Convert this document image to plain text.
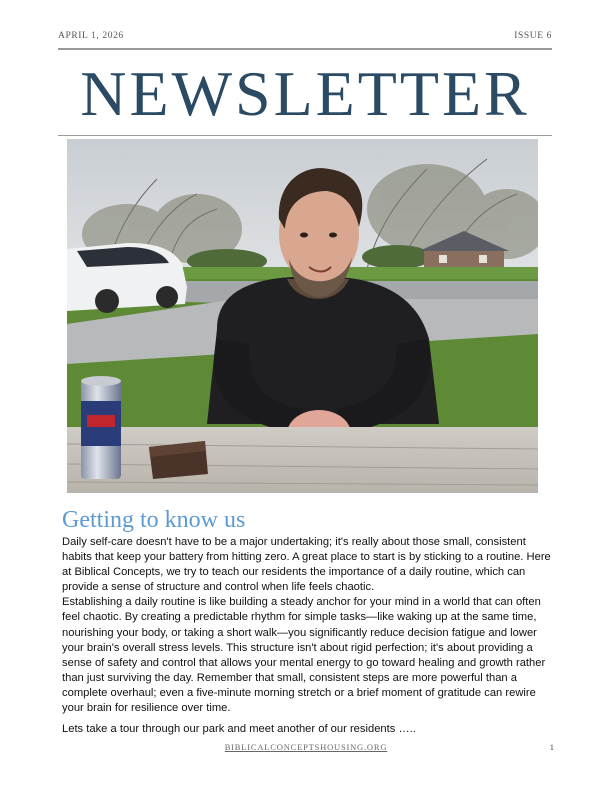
APRIL 1, 2026	ISSUE 6
NEWSLETTER
Getting to know us

Daily self-care doesn't have to be a major undertaking; it's really about those small, consistent habits that keep your battery from hitting zero. A great place to start is by sticking to a routine. Here at Biblical Concepts, we try to teach our residents the importance of a daily routine, which can provide a sense of structure and control when life feels chaotic.

Establishing a daily routine is like building a steady anchor for your mind in a world that can often feel chaotic. By creating a predictable rhythm for simple tasks—like waking up at the same time, nourishing your body, or taking a short walk—you significantly reduce decision fatigue and lower your brain's overall stress levels. This structure isn't about rigid perfection; it's about providing a sense of safety and control that allows your mental energy to go toward healing and growth rather than just surviving the day. Remember that small, consistent steps are more powerful than a complete overhaul; even a five-minute morning stretch or a brief moment of gratitude can rewire your brain for resilience over time.

Lets take a tour through our park and meet another of our residents …..

BIBLICALCONCEPTSHOUSING.ORG	1
